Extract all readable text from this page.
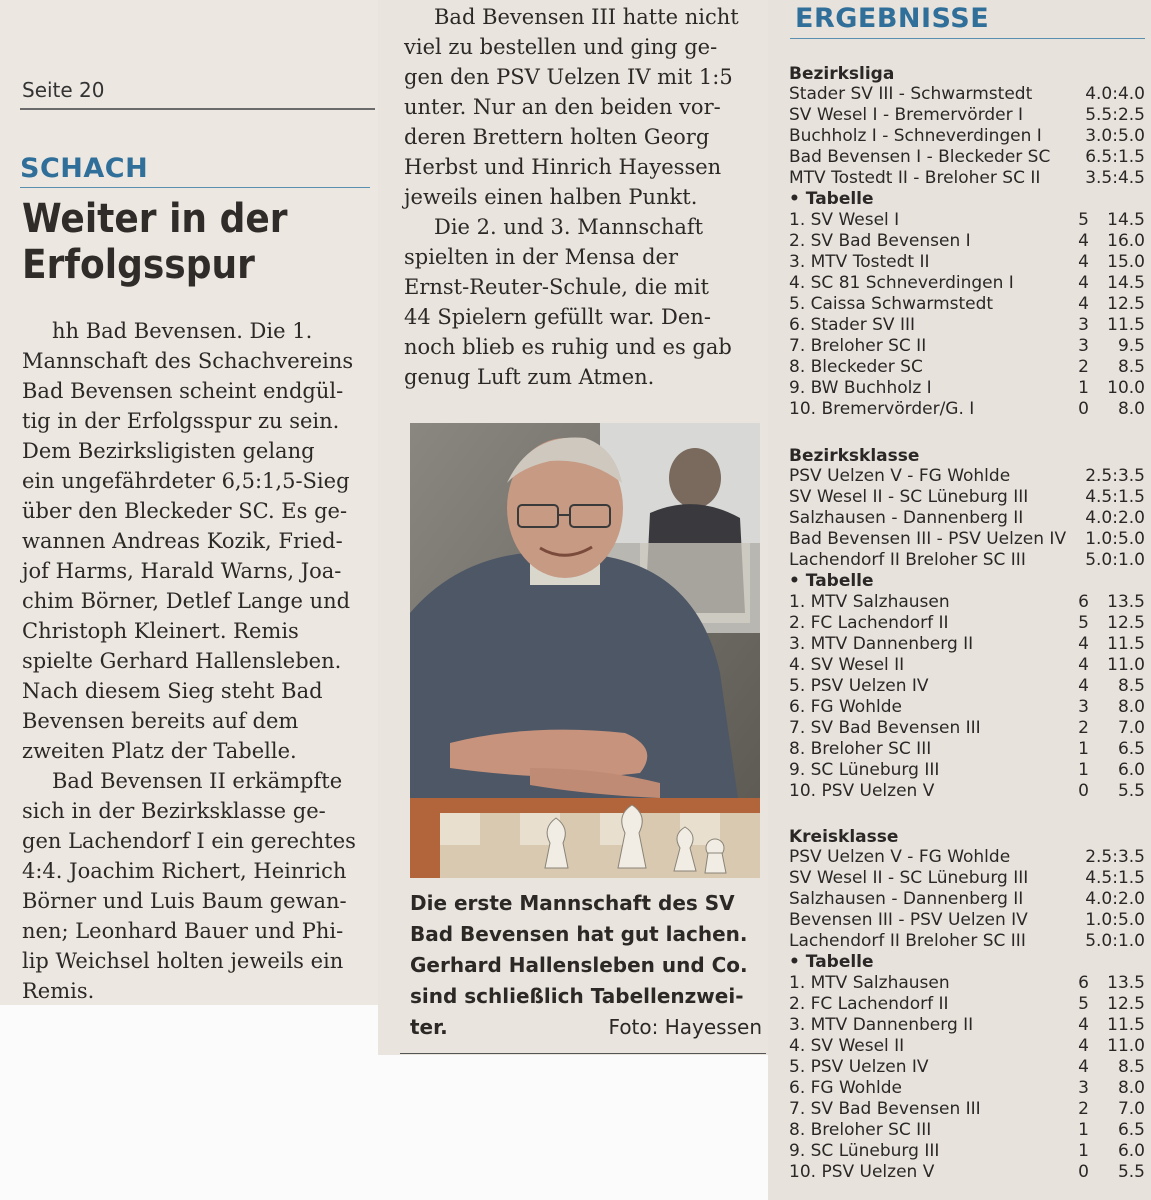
Seite 20
SCHACH
Weiter in der
Erfolgsspur
hh Bad Bevensen. Die 1.
Mannschaft des Schachvereins
Bad Bevensen scheint endgül-
tig in der Erfolgsspur zu sein.
Dem Bezirksligisten gelang
ein ungefährdeter 6,5:1,5-Sieg
über den Bleckeder SC. Es ge-
wannen Andreas Kozik, Fried-
jof Harms, Harald Warns, Joa-
chim Börner, Detlef Lange und
Christoph Kleinert. Remis
spielte Gerhard Hallensleben.
Nach diesem Sieg steht Bad
Bevensen bereits auf dem
zweiten Platz der Tabelle.
Bad Bevensen II erkämpfte
sich in der Bezirksklasse ge-
gen Lachendorf I ein gerechtes
4:4. Joachim Richert, Heinrich
Börner und Luis Baum gewan-
nen; Leonhard Bauer und Phi-
lip Weichsel holten jeweils ein
Remis.
Bad Bevensen III hatte nicht
viel zu bestellen und ging ge-
gen den PSV Uelzen IV mit 1:5
unter. Nur an den beiden vor-
deren Brettern holten Georg
Herbst und Hinrich Hayessen
jeweils einen halben Punkt.
Die 2. und 3. Mannschaft
spielten in der Mensa der
Ernst-Reuter-Schule, die mit
44 Spielern gefüllt war. Den-
noch blieb es ruhig und es gab
genug Luft zum Atmen.
Die erste Mannschaft des SV
Bad Bevensen hat gut lachen.
Gerhard Hallensleben und Co.
sind schließlich Tabellenzwei-
ter.	Foto: Hayessen
ERGEBNISSE
Bezirksliga
Stader SV III - Schwarmstedt	4.0:4.0
SV Wesel I - Bremervörder I	5.5:2.5
Buchholz I - Schneverdingen I	3.0:5.0
Bad Bevensen I - Bleckeder SC 6.5:1.5
MTV Tostedt II - Breloher SC II	3.5:4.5
• Tabelle
1. SV Wesel I	5	14.5
2. SV Bad Bevensen I	4	16.0
3. MTV Tostedt II	4	15.0
4. SC 81 Schneverdingen I	4	14.5
5. Caissa Schwarmstedt	4	12.5
6. Stader SV III	3	11.5
7. Breloher SC II	3	9.5
8. Bleckeder SC	2	8.5
9. BW Buchholz I	1	10.0
10. Bremervörder/G. I	0	8.0
Bezirksklasse
PSV Uelzen V - FG Wohlde	2.5:3.5
SV Wesel II - SC Lüneburg III	4.5:1.5
Salzhausen - Dannenberg II	4.0:2.0
Bad Bevensen III - PSV Uelzen IV 1.0:5.0
Lachendorf II Breloher SC III	5.0:1.0
• Tabelle
1. MTV Salzhausen	6	13.5
2. FC Lachendorf II	5	12.5
3. MTV Dannenberg II	4	11.5
4. SV Wesel II	4	11.0
5. PSV Uelzen IV	4	8.5
6. FG Wohlde	3	8.0
7. SV Bad Bevensen III	2	7.0
8. Breloher SC III	1	6.5
9. SC Lüneburg III	1	6.0
10. PSV Uelzen V	0	5.5
Kreisklasse
PSV Uelzen V - FG Wohlde	2.5:3.5
SV Wesel II - SC Lüneburg III	4.5:1.5
Salzhausen - Dannenberg II	4.0:2.0
Bevensen III - PSV Uelzen IV	1.0:5.0
Lachendorf II Breloher SC III	5.0:1.0
• Tabelle
1. MTV Salzhausen	6	13.5
2. FC Lachendorf II	5	12.5
3. MTV Dannenberg II	4	11.5
4. SV Wesel II	4	11.0
5. PSV Uelzen IV	4	8.5
6. FG Wohlde	3	8.0
7. SV Bad Bevensen III	2	7.0
8. Breloher SC III	1	6.5
9. SC Lüneburg III	1	6.0
10. PSV Uelzen V	0	5.5
